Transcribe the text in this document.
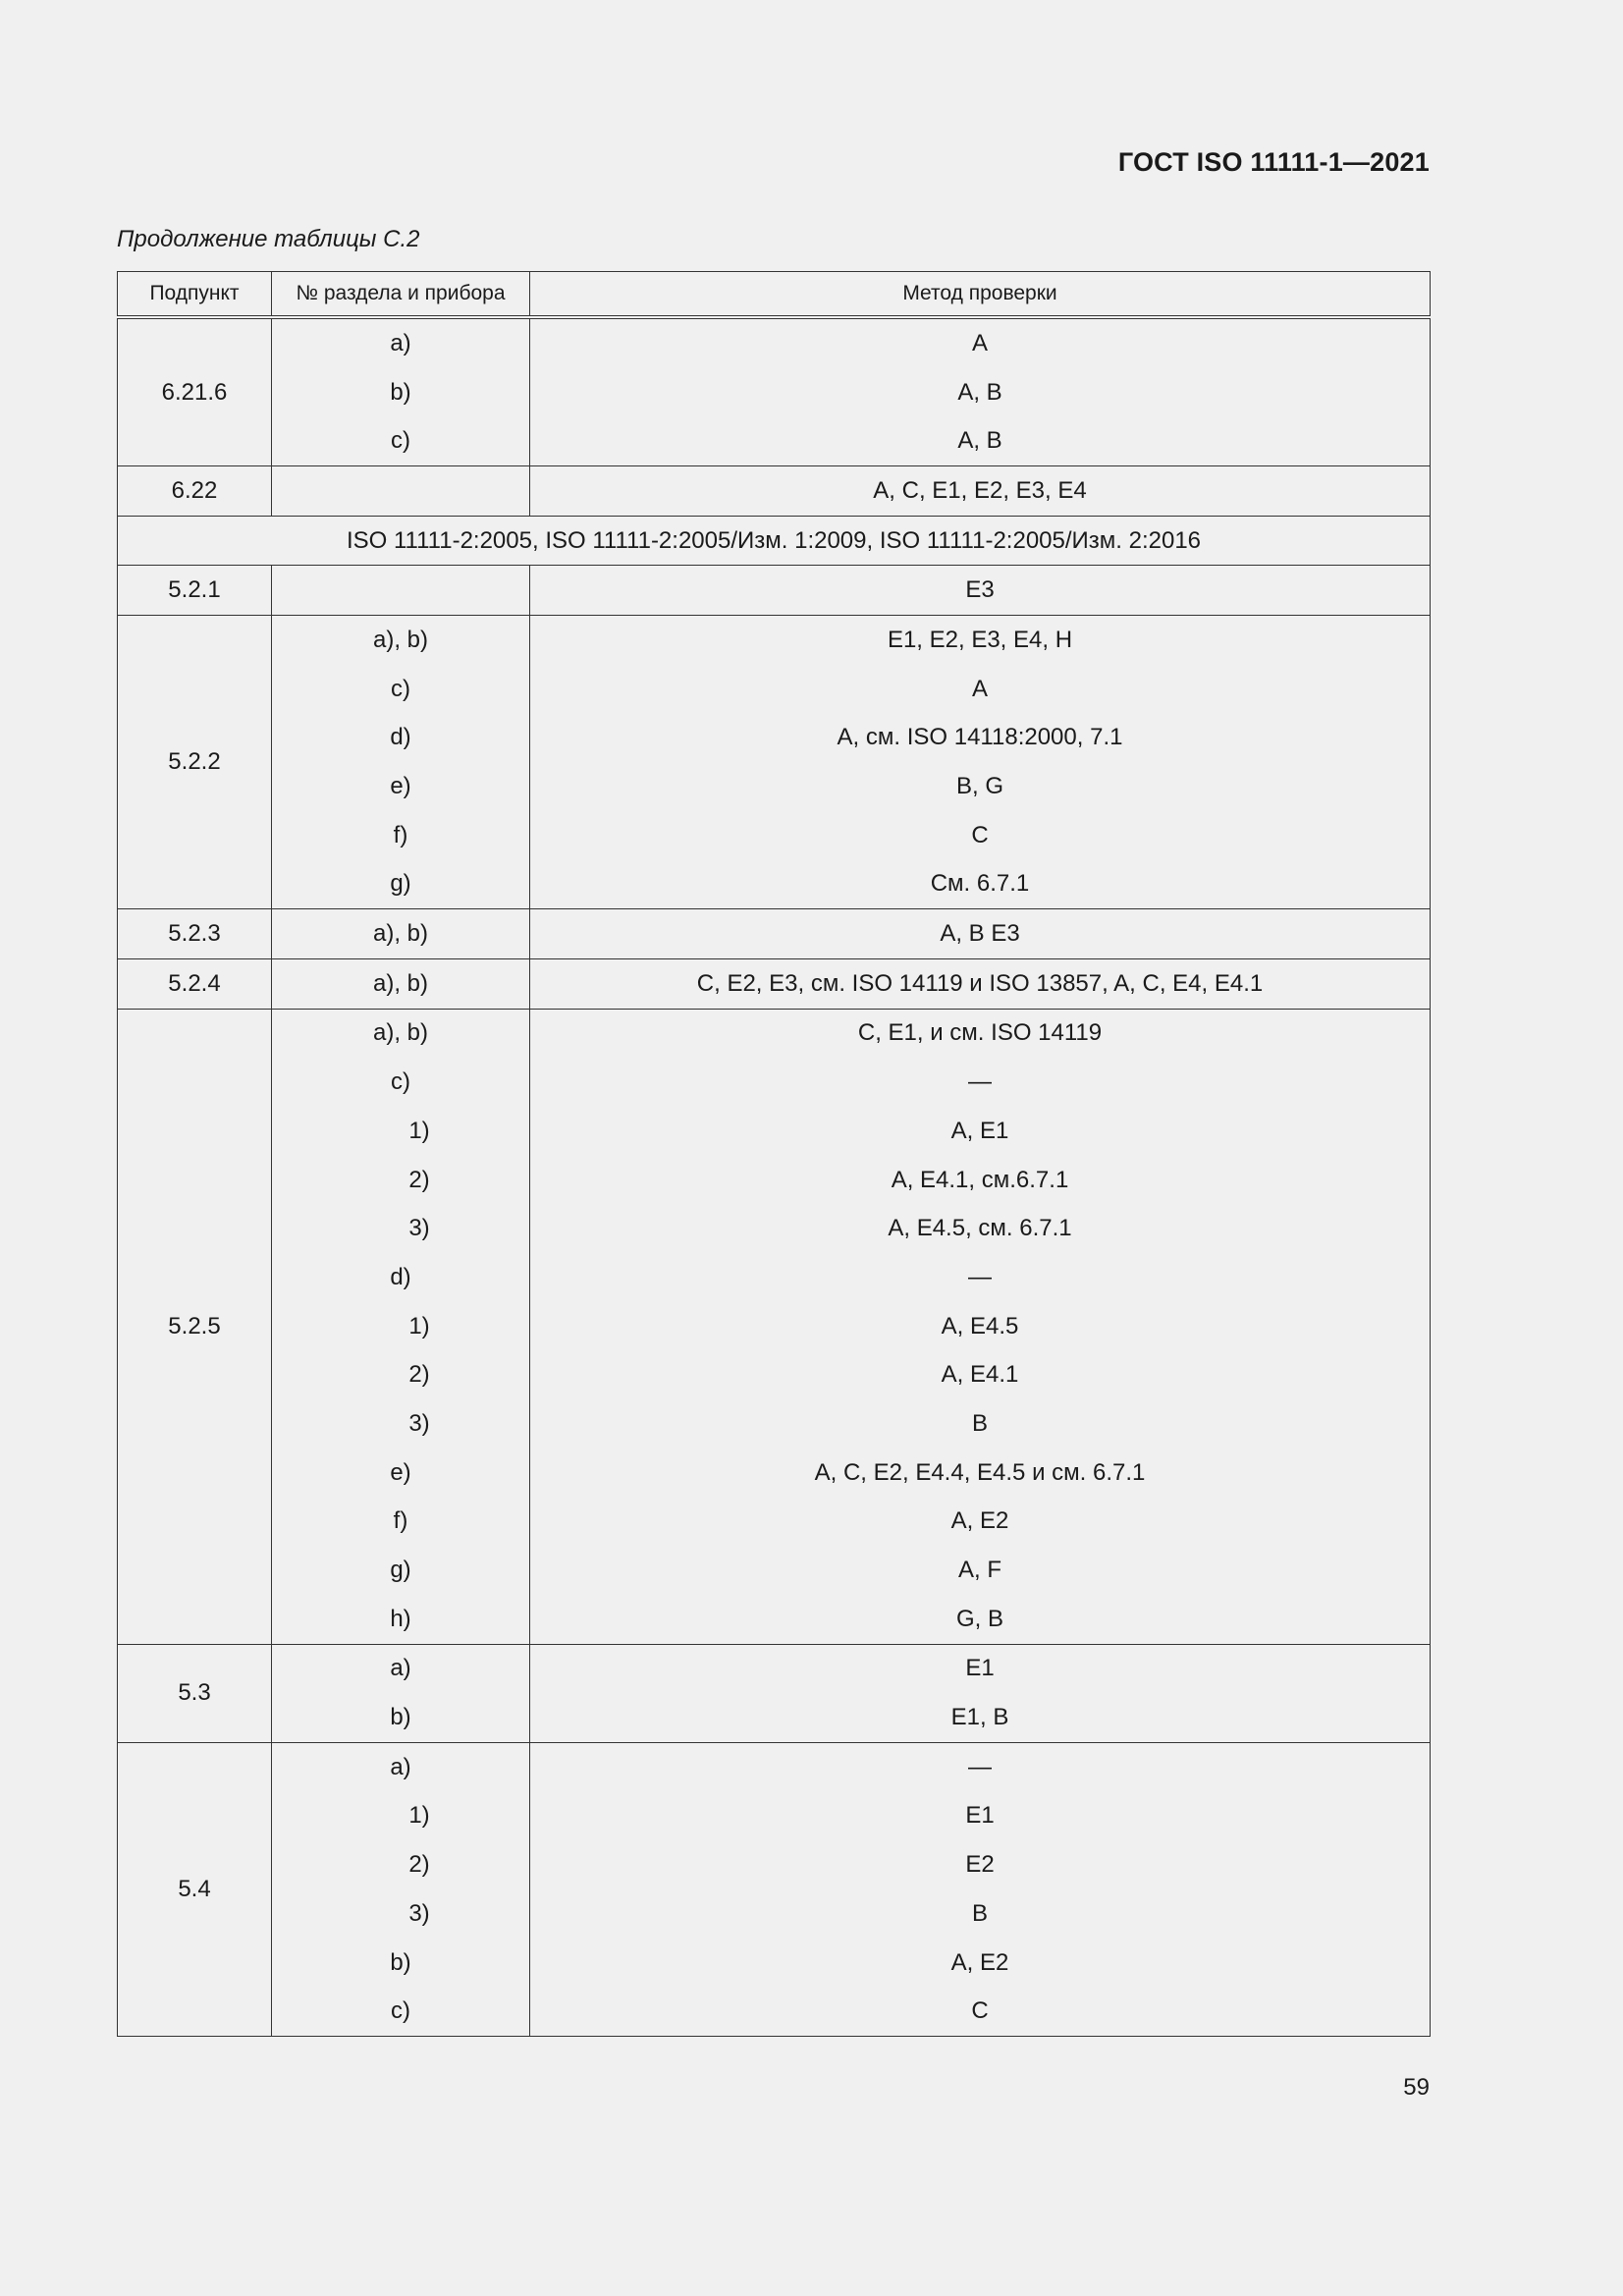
ГОСТ ISO 11111-1—2021
Продолжение таблицы С.2
Подпункт	№ раздела и прибора	Метод проверки
6.21.6	a)	A
	b)	A, B
	c)	A, B
6.22		A, C, E1, E2, E3, E4
ISO 11111-2:2005, ISO 11111-2:2005/Изм. 1:2009, ISO 11111-2:2005/Изм. 2:2016		
5.2.1		E3
5.2.2	a), b)	E1, E2, E3, E4, H
	c)	A
	d)	A, см. ISO 14118:2000, 7.1
	e)	B, G
	f)	C
	g)	См. 6.7.1
5.2.3	a), b)	A, B E3
5.2.4	a), b)	C, E2, E3, см. ISO 14119 и ISO 13857, A, C, E4, E4.1
5.2.5	a), b)	C, E1, и см. ISO 14119
	c)	—
	1)	A, E1
	2)	A, E4.1, см.6.7.1
	3)	A, E4.5, см. 6.7.1
	d)	—
	1)	A, E4.5
	2)	A, E4.1
	3)	B
	e)	A, C, E2, E4.4, E4.5 и см. 6.7.1
	f)	A, E2
	g)	A, F
	h)	G, B
5.3	a)	E1
	b)	E1, B
5.4	a)	—
	1)	E1
	2)	E2
	3)	B
	b)	A, E2
	c)	C
59
